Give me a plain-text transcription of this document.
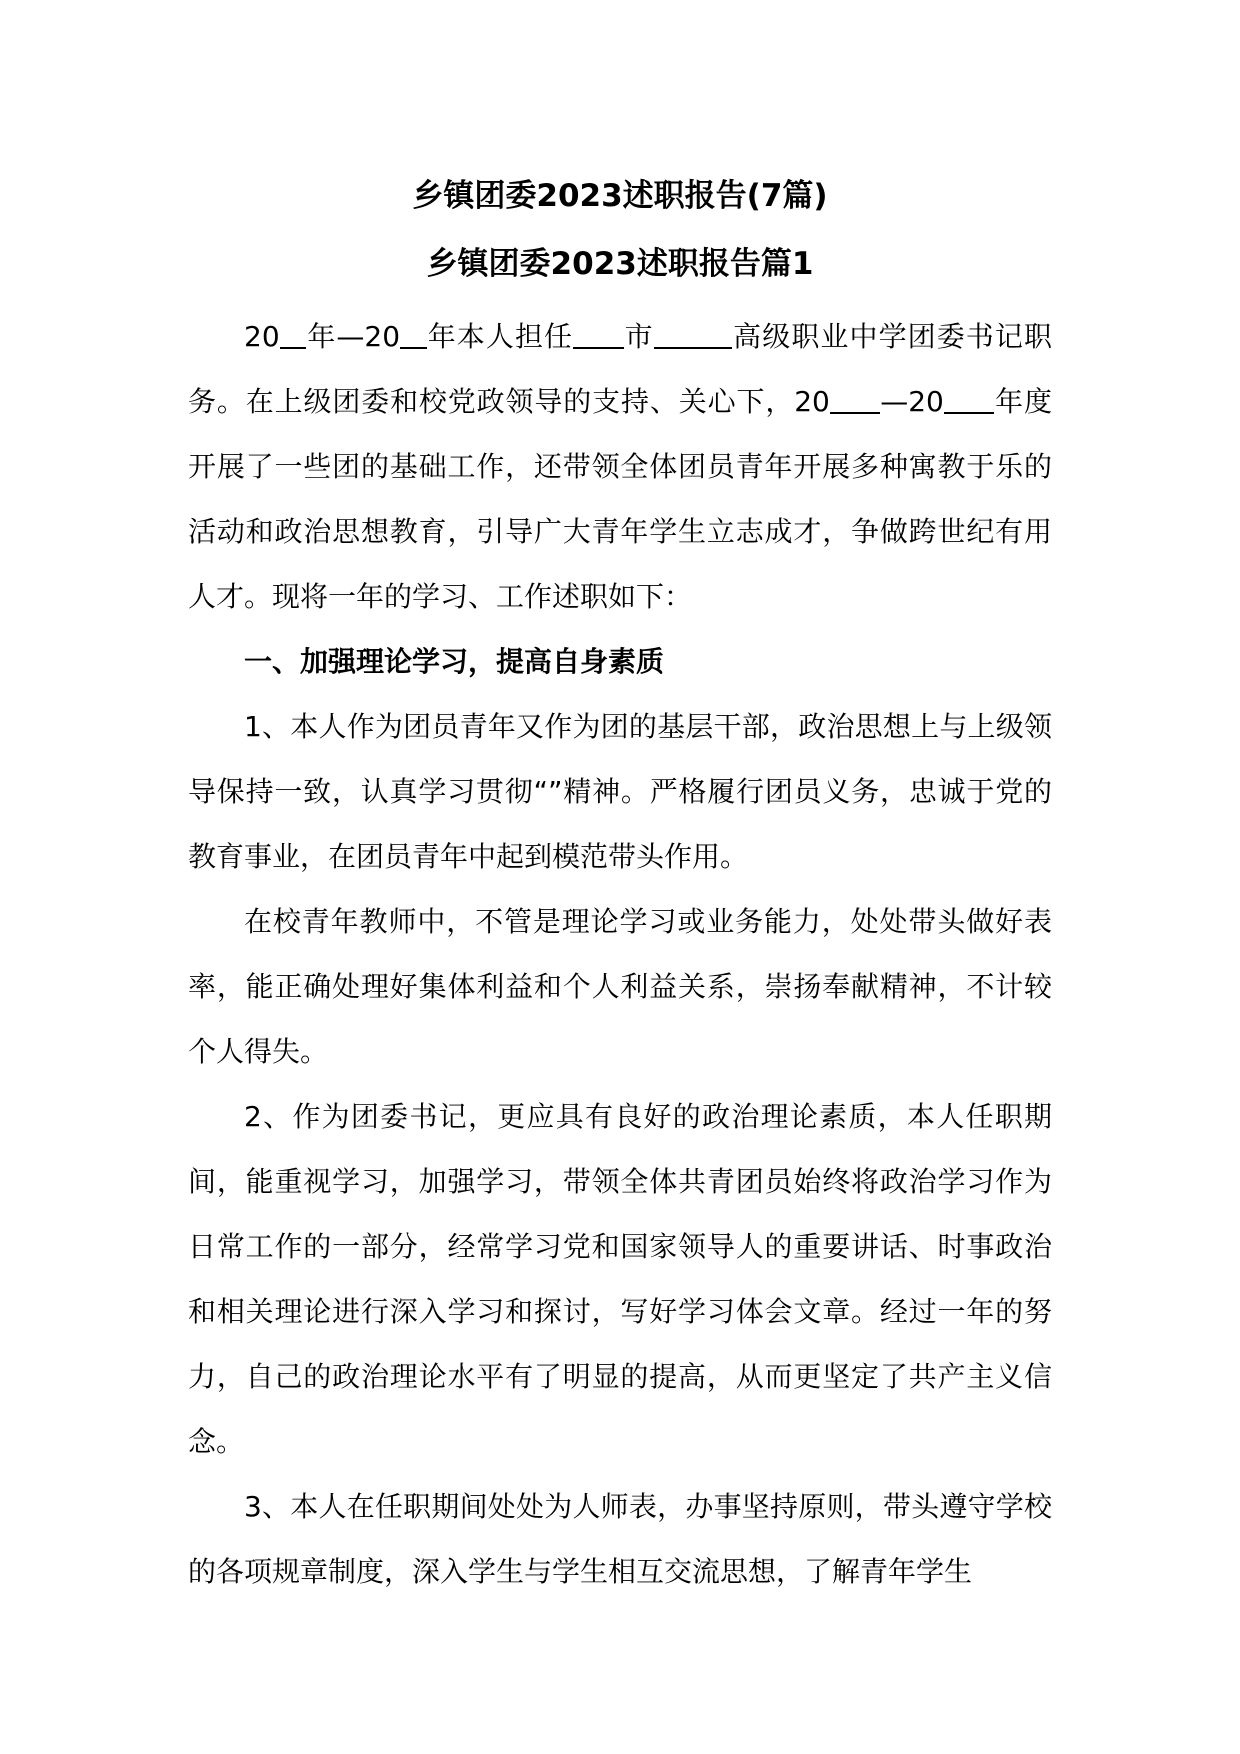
乡镇团委2023述职报告(7篇)
乡镇团委2023述职报告篇1

20 年—20 年本人担任 市	高级职业中学团委书记职务。在上级团委和校党政领导的支持、关心下，20 —20 年度开展了一些团的基础工作，还带领全体团员青年开展多种寓教于乐的活动和政治思想教育，引导广大青年学生立志成才，争做跨世纪有用人才。现将一年的学习、工作述职如下：

一、加强理论学习，提高自身素质

1、本人作为团员青年又作为团的基层干部，政治思想上与上级领导保持一致，认真学习贯彻“”精神。严格履行团员义务，忠诚于党的教育事业，在团员青年中起到模范带头作用。

在校青年教师中，不管是理论学习或业务能力，处处带头做好表率，能正确处理好集体利益和个人利益关系，崇扬奉献精神，不计较个人得失。

2、作为团委书记，更应具有良好的政治理论素质，本人任职期间，能重视学习，加强学习，带领全体共青团员始终将政治学习作为日常工作的一部分，经常学习党和国家领导人的重要讲话、时事政治和相关理论进行深入学习和探讨，写好学习体会文章。经过一年的努力，自己的政治理论水平有了明显的提高，从而更坚定了共产主义信念。

3、本人在任职期间处处为人师表，办事坚持原则，带头遵守学校的各项规章制度，深入学生与学生相互交流思想，了解青年学生
